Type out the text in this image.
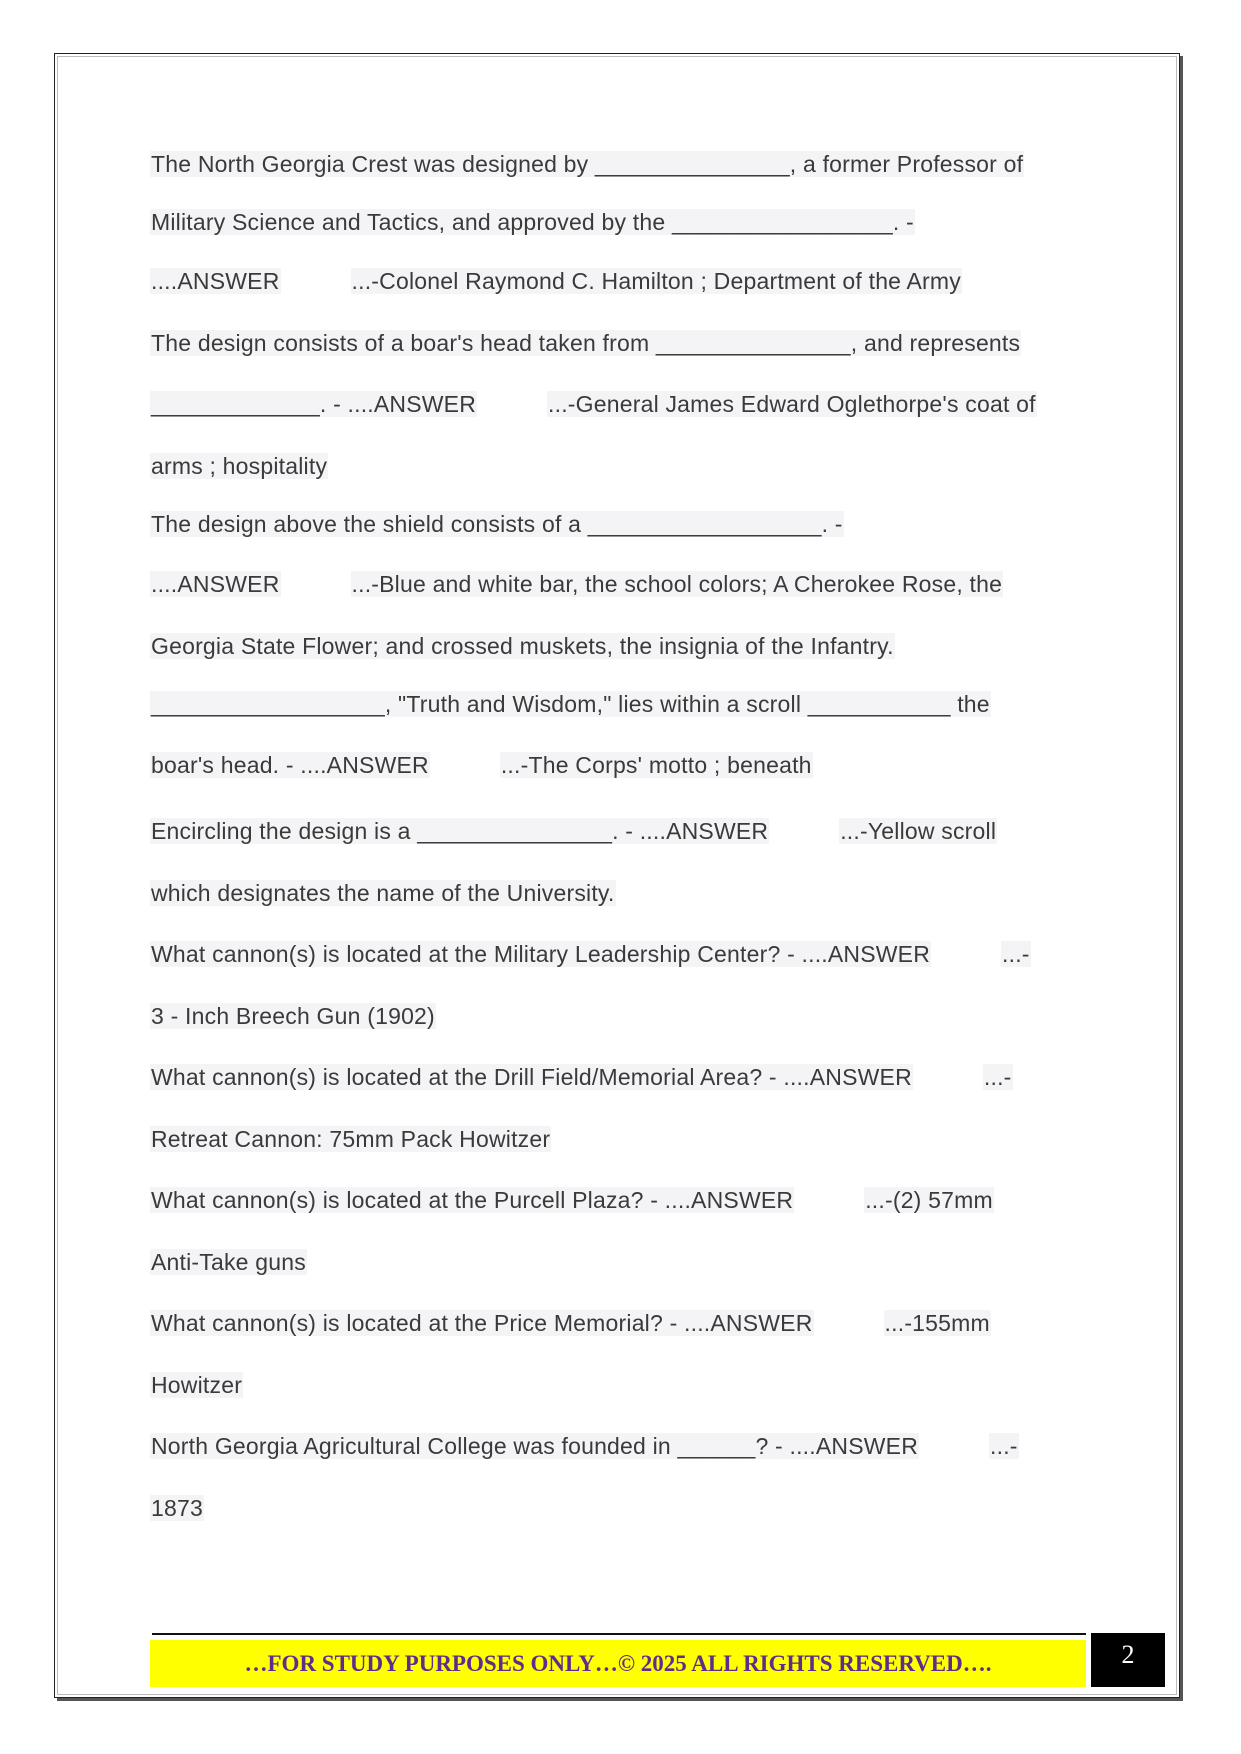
The North Georgia Crest was designed by _______________, a former Professor of
Military Science and Tactics, and approved by the _________________. -
....ANSWER	...-Colonel Raymond C. Hamilton ; Department of the Army
The design consists of a boar's head taken from _______________, and represents
_____________. - ....ANSWER	...-General James Edward Oglethorpe's coat of
arms ; hospitality
The design above the shield consists of a __________________. -
....ANSWER	...-Blue and white bar, the school colors; A Cherokee Rose, the
Georgia State Flower; and crossed muskets, the insignia of the Infantry.
__________________, "Truth and Wisdom," lies within a scroll ___________ the
boar's head. - ....ANSWER	...-The Corps' motto ; beneath
Encircling the design is a _______________. - ....ANSWER	...-Yellow scroll
which designates the name of the University.
What cannon(s) is located at the Military Leadership Center? - ....ANSWER	...-
3 - Inch Breech Gun (1902)
What cannon(s) is located at the Drill Field/Memorial Area? - ....ANSWER	...-
Retreat Cannon: 75mm Pack Howitzer
What cannon(s) is located at the Purcell Plaza? - ....ANSWER	...-(2) 57mm
Anti-Take guns
What cannon(s) is located at the Price Memorial? - ....ANSWER	...-155mm
Howitzer
North Georgia Agricultural College was founded in ______? - ....ANSWER	...-
1873
…FOR STUDY PURPOSES ONLY…© 2025 ALL RIGHTS RESERVED….	2
